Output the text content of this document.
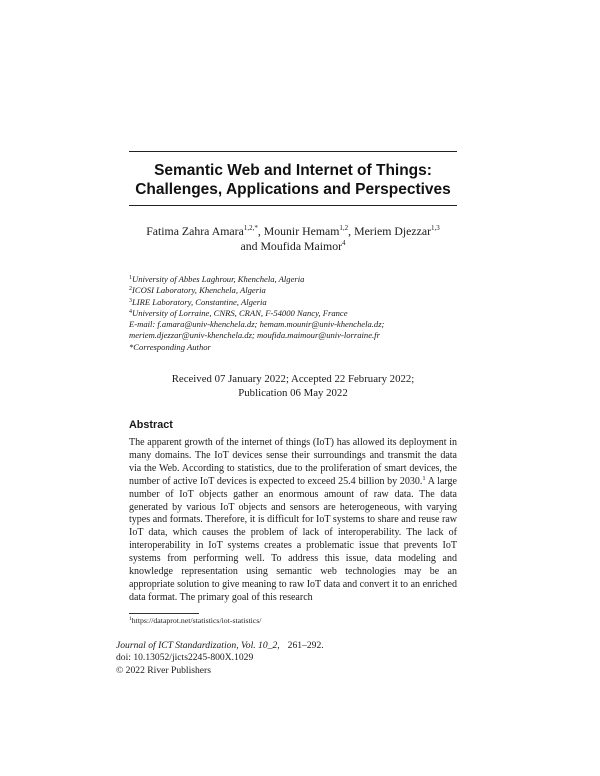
Semantic Web and Internet of Things:
Challenges, Applications and Perspectives
Fatima Zahra Amara$^{1,2,*}$, Mounir Hemam$^{1,2}$, Meriem Djezzar$^{1,3}$
and Moufida Maimor$^4$
$^1$University of Abbes Laghrour, Khenchela, Algeria
$^2$ICOSI Laboratory, Khenchela, Algeria
$^3$LIRE Laboratory, Constantine, Algeria
$^4$University of Lorraine, CNRS, CRAN, F-54000 Nancy, France
E-mail: f.amara@univ-khenchela.dz; hemam.mounir@univ-khenchela.dz;
meriem.djezzar@univ-khenchela.dz; moufida.maimour@univ-lorraine.fr
*Corresponding Author
Received 07 January 2022; Accepted 22 February 2022;
Publication 06 May 2022
Abstract
The apparent growth of the internet of things (IoT) has allowed its deployment in many domains. The IoT devices sense their surroundings and transmit the data via the Web. According to statistics, due to the proliferation of smart devices, the number of active IoT devices is expected to exceed 25.4 billion by 2030.$^1$ A large number of IoT objects gather an enormous amount of raw data. The data generated by various IoT objects and sensors are heterogeneous, with varying types and formats. Therefore, it is difficult for IoT systems to share and reuse raw IoT data, which causes the problem of lack of interoperability. The lack of interoperability in IoT systems creates a problematic issue that prevents IoT systems from performing well. To address this issue, data modeling and knowledge representation using semantic web technologies may be an appropriate solution to give meaning to raw IoT data and convert it to an enriched data format. The primary goal of this research
$^1$https://dataprot.net/statistics/iot-statistics/
Journal of ICT Standardization, Vol. 10_2, 261–292.
doi: 10.13052/jicts2245-800X.1029
© 2022 River Publishers
